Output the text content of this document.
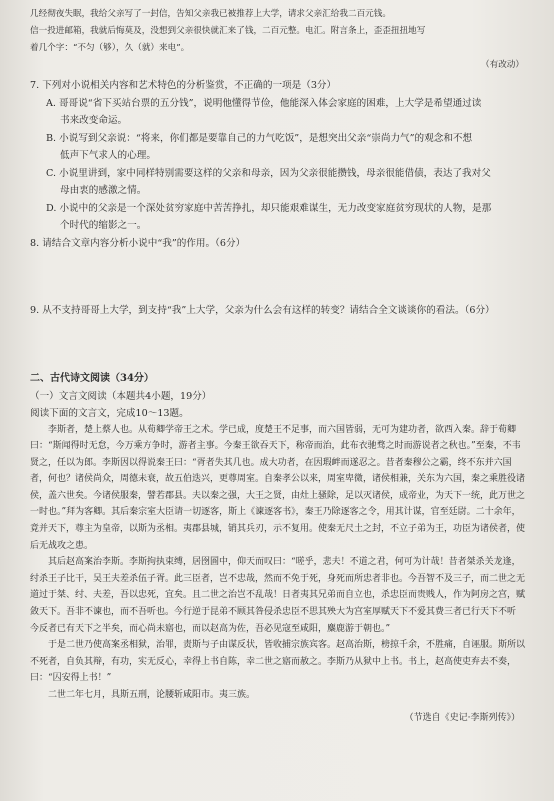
几经彻夜失眠，我给父亲写了一封信，告知父亲我已被推荐上大学，请求父亲汇给我二百元钱。

信一投进邮箱，我就后悔莫及，没想到父亲很快就汇来了钱，二百元整。电汇。附言条上，歪歪扭扭地写

着几个字：“不匀（够），久（就）来电”。

（有改动）

7. 下列对小说相关内容和艺术特色的分析鉴赏，不正确的一项是（3分）

A. 哥哥说“省下买站台票的五分钱”，说明他懂得节俭，他能深入体会家庭的困难，上大学是希望通过读

书来改变命运。

B. 小说写到父亲说：“将来，你们都是要靠自己的力气吃饭”，是想突出父亲“崇尚力气”的观念和不想

低声下气求人的心理。

C. 小说里讲到，家中同样特别需要这样的父亲和母亲，因为父亲很能攒钱，母亲很能借债，表达了我对父

母由衷的感激之情。

D. 小说中的父亲是一个深处贫穷家庭中苦苦挣扎，却只能艰难谋生，无力改变家庭贫穷现状的人物，是那

个时代的缩影之一。

8. 请结合文章内容分析小说中“我”的作用。（6分）

9. 从不支持哥哥上大学，到支持“我”上大学，父亲为什么会有这样的转变？请结合全文谈谈你的看法。（6分）

二、古代诗文阅读（34分）
（一）文言文阅读（本题共4小题，19分）
阅读下面的文言文，完成10～13题。

李斯者，楚上蔡人也。从荀卿学帝王之术。学已成，度楚王不足事，而六国皆弱，无可为建功者，欲西入秦。辞于荀卿曰：“斯闻得时无怠，今万乘方争时，游者主事。今秦王欲吞天下，称帝而治，此布衣驰骛之时而游说者之秋也。”至秦，不韦贤之，任以为郎。李斯因以得说秦王曰：“胥者失其几也。成大功者，在因瑕衅而遂忍之。昔者秦穆公之霸，终不东并六国者，何也？诸侯尚众，周德未衰，故五伯迭兴，更尊周室。自秦孝公以来，周室卑微，诸侯相兼，关东为六国，秦之乘胜役诸侯，盖六世矣。今诸侯服秦，譬若郡县。夫以秦之强，大王之贤，由灶上骚除，足以灭诸侯，成帝业，为天下一统，此万世之一时也。”拜为客卿。其后秦宗室大臣请一切逐客，斯上《谏逐客书》，秦王乃除逐客之令，用其计谋，官至廷尉。二十余年，竟并天下，尊主为皇帝，以斯为丞相。夷郡县城，销其兵刃，示不复用。使秦无尺土之封，不立子弟为王，功臣为诸侯者，使后无战攻之患。

其后赵高案治李斯。李斯拘执束缚，居囹圄中，仰天而叹曰：“嗟乎，悲夫！不道之君，何可为计哉！昔者桀杀关龙逢，纣杀王子比干，吴王夫差杀伍子胥。此三臣者，岂不忠哉，然而不免于死，身死而所忠者非也。今吾智不及三子，而二世之无道过于桀、纣、夫差，吾以忠死，宜矣。且二世之治岂不乱哉！日者夷其兄弟而自立也，杀忠臣而贵贱人，作为阿房之宫，赋敛天下。吾非不谏也，而不吾听也。今行逆于昆弟不顾其咎侵杀忠臣不思其殃大为宫室厚赋天下不爱其费三者已行天下不听　今反者已有天下之半矣，而心尚未寤也，而以赵高为佐，吾必见寇至咸阳，麋鹿游于朝也。”

于是二世乃使高案丞相狱，治罪，责斯与子由谋反状，皆收捕宗族宾客。赵高治斯，榜掠千余，不胜痛，自诬服。斯所以不死者，自负其辩，有功，实无反心，幸得上书自陈，幸二世之寤而赦之。李斯乃从狱中上书。书上，赵高使吏弃去不奏，曰：“囚安得上书！”

二世二年七月，具斯五刑，论腰斩咸阳市。夷三族。

（节选自《史记·李斯列传》）
